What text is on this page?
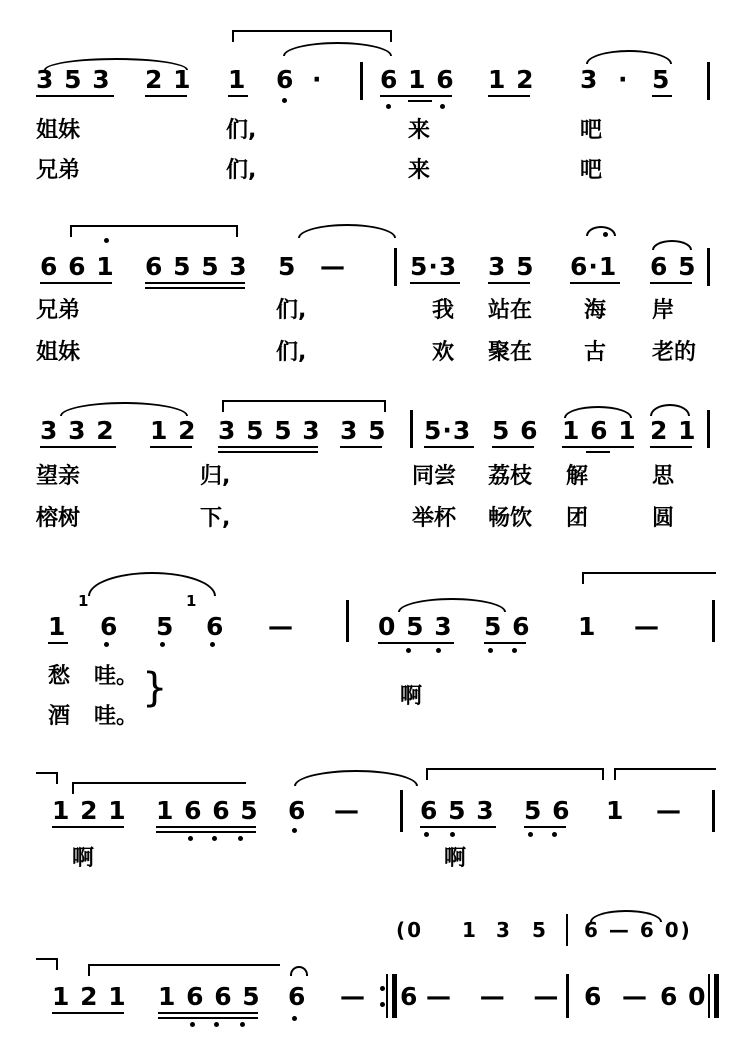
3 5 3 2 1 1 6 · 6 1 6 1 2 3 · 5
姐妹	们,	来	吧
兄弟	们,	来	吧
6 6 1 6 5 5 3 5 —	5·3 3 5 6·1 6 5
兄弟	们,	我 站在 海 岸
姐妹	们,	欢 聚在 古 老的
3 3 2 1 2 3 5 5 3 3 5 5·3 5 6 1 6 1 2 1
望亲	归,	同尝 荔枝 解	思
榕树	下,	举杯 畅饮 团	圆
1
1
6 5
1
6 —	0 5 3 5 6 1 —
愁 哇。
酒 哇。
}	啊
1 2 1 1 6 6 5 6 — 6 5 3 5 6 1 —
啊	啊
(0 1 3 5 6 — 6 0)
1 2 1 1 6 6 5 6 — 6 — — — 6 — 6 0
